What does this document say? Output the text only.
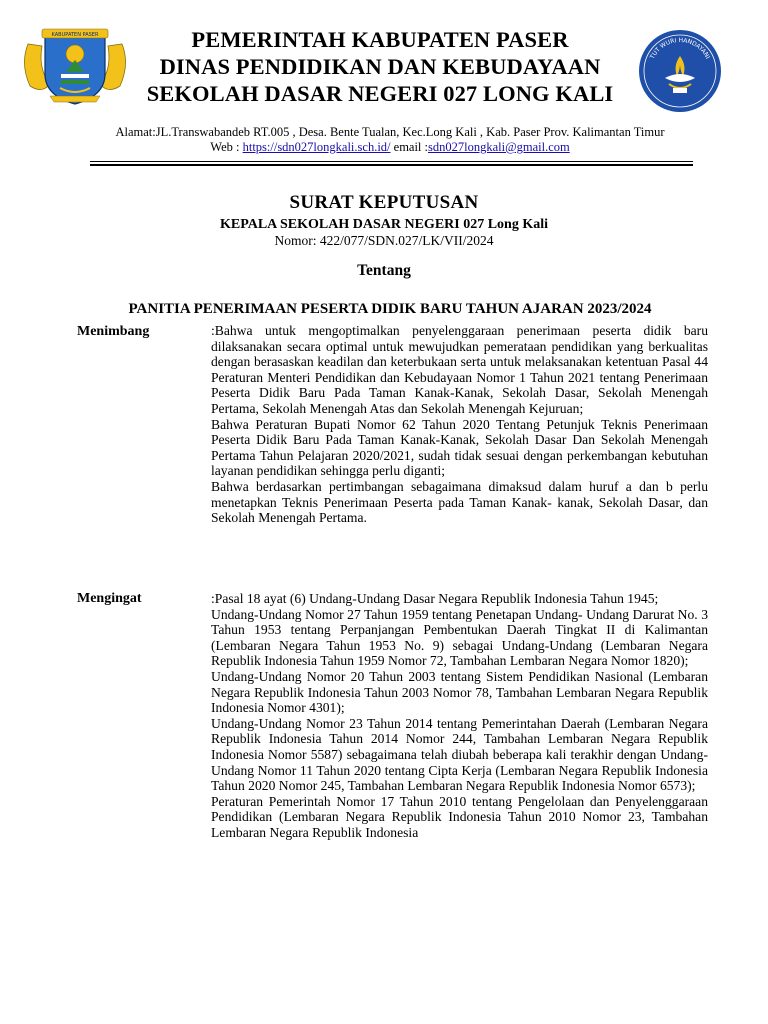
KABUPATEN PASER	PEMERINTAH KABUPATEN PASER
DINAS PENDIDIKAN DAN KEBUDAYAAN
SEKOLAH DASAR NEGERI 027 LONG KALI
TUT WURI HANDAYANI
Alamat:JL.Transwabandeb RT.005 , Desa. Bente Tualan, Kec.Long Kali , Kab. Paser Prov. Kalimantan Timur
Web : https://sdn027longkali.sch.id/ email :sdn027longkali@gmail.com
SURAT KEPUTUSAN
KEPALA SEKOLAH DASAR NEGERI 027 Long Kali
Nomor: 422/077/SDN.027/LK/VII/2024
Tentang
PANITIA PENERIMAAN PESERTA DIDIK BARU TAHUN AJARAN 2023/2024
Menimbang	:Bahwa untuk mengoptimalkan penyelenggaraan penerimaan peserta didik baru dilaksanakan secara optimal untuk mewujudkan pemerataan pendidikan yang berkualitas dengan berasaskan keadilan dan keterbukaan serta untuk melaksanakan ketentuan Pasal 44 Peraturan Menteri Pendidikan dan Kebudayaan Nomor 1 Tahun 2021 tentang Penerimaan Peserta Didik Baru Pada Taman Kanak-Kanak, Sekolah Dasar, Sekolah Menengah Pertama, Sekolah Menengah Atas dan Sekolah Menengah Kejuruan;

Bahwa Peraturan Bupati Nomor 62 Tahun 2020 Tentang Petunjuk Teknis Penerimaan Peserta Didik Baru Pada Taman Kanak-Kanak, Sekolah Dasar Dan Sekolah Menengah Pertama Tahun Pelajaran 2020/2021, sudah tidak sesuai dengan perkembangan kebutuhan layanan pendidikan sehingga perlu diganti;

Bahwa berdasarkan pertimbangan sebagaimana dimaksud dalam huruf a dan b perlu menetapkan Teknis Penerimaan Peserta pada Taman Kanak- kanak, Sekolah Dasar, dan Sekolah Menengah Pertama.

Mengingat	:Pasal 18 ayat (6) Undang-Undang Dasar Negara Republik Indonesia Tahun 1945;

Undang-Undang Nomor 27 Tahun 1959 tentang Penetapan Undang- Undang Darurat No. 3 Tahun 1953 tentang Perpanjangan Pembentukan Daerah Tingkat II di Kalimantan (Lembaran Negara Tahun 1953 No. 9) sebagai Undang-Undang (Lembaran Negara Republik Indonesia Tahun 1959 Nomor 72, Tambahan Lembaran Negara Nomor 1820);

Undang-Undang Nomor 20 Tahun 2003 tentang Sistem Pendidikan Nasional (Lembaran Negara Republik Indonesia Tahun 2003 Nomor 78, Tambahan Lembaran Negara Republik Indonesia Nomor 4301);

Undang-Undang Nomor 23 Tahun 2014 tentang Pemerintahan Daerah (Lembaran Negara Republik Indonesia Tahun 2014 Nomor 244, Tambahan Lembaran Negara Republik Indonesia Nomor 5587) sebagaimana telah diubah beberapa kali terakhir dengan Undang-Undang Nomor 11 Tahun 2020 tentang Cipta Kerja (Lembaran Negara Republik Indonesia Tahun 2020 Nomor 245, Tambahan Lembaran Negara Republik Indonesia Nomor 6573);

Peraturan Pemerintah Nomor 17 Tahun 2010 tentang Pengelolaan dan Penyelenggaraan Pendidikan (Lembaran Negara Republik Indonesia Tahun 2010 Nomor 23, Tambahan Lembaran Negara Republik Indonesia
